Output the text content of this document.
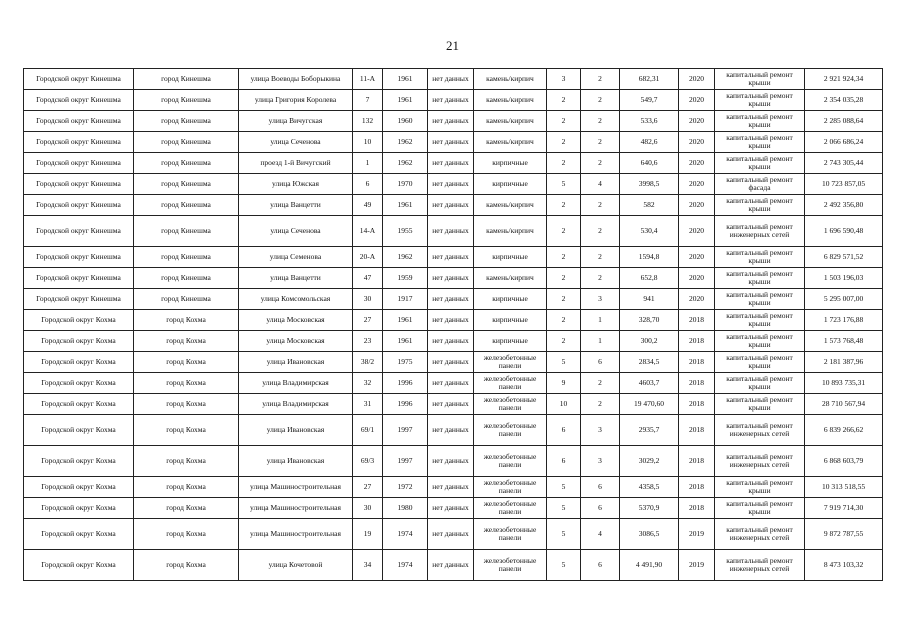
21
Городской округ Кинешма	город Кинешма	улица Воеводы Боборыкина	11-А	1961	нет данных	камень/кирпич	3	2	682,31	2020	капитальный ремонт крыши	2 921 924,34
Городской округ Кинешма	город Кинешма	улица Григория Королева	7	1961	нет данных	камень/кирпич	2	2	549,7	2020	капитальный ремонт крыши	2 354 035,28
Городской округ Кинешма	город Кинешма	улица Вичугская	132	1960	нет данных	камень/кирпич	2	2	533,6	2020	капитальный ремонт крыши	2 285 088,64
Городской округ Кинешма	город Кинешма	улица Сеченова	10	1962	нет данных	камень/кирпич	2	2	482,6	2020	капитальный ремонт крыши	2 066 686,24
Городской округ Кинешма	город Кинешма	проезд 1-й Вичугский	1	1962	нет данных	кирпичные	2	2	640,6	2020	капитальный ремонт крыши	2 743 305,44
Городской округ Кинешма	город Кинешма	улица Южская	6	1970	нет данных	кирпичные	5	4	3998,5	2020	капитальный ремонт фасада	10 723 857,05
Городской округ Кинешма	город Кинешма	улица Ванцетти	49	1961	нет данных	камень/кирпич	2	2	582	2020	капитальный ремонт крыши	2 492 356,80
Городской округ Кинешма	город Кинешма	улица Сеченова	14-А	1955	нет данных	камень/кирпич	2	2	530,4	2020	капитальный ремонт инженерных сетей	1 696 590,48
Городской округ Кинешма	город Кинешма	улица Семенова	20-А	1962	нет данных	кирпичные	2	2	1594,8	2020	капитальный ремонт крыши	6 829 571,52
Городской округ Кинешма	город Кинешма	улица Ванцетти	47	1959	нет данных	камень/кирпич	2	2	652,8	2020	капитальный ремонт крыши	1 503 196,03
Городской округ Кинешма	город Кинешма	улица Комсомольская	30	1917	нет данных	кирпичные	2	3	941	2020	капитальный ремонт крыши	5 295 007,00
Городской округ Кохма	город Кохма	улица Московская	27	1961	нет данных	кирпичные	2	1	328,70	2018	капитальный ремонт крыши	1 723 176,88
Городской округ Кохма	город Кохма	улица Московская	23	1961	нет данных	кирпичные	2	1	300,2	2018	капитальный ремонт крыши	1 573 768,48
Городской округ Кохма	город Кохма	улица Ивановская	38/2	1975	нет данных	железобетонные панели	5	6	2834,5	2018	капитальный ремонт крыши	2 181 387,96
Городской округ Кохма	город Кохма	улица Владимирская	32	1996	нет данных	железобетонные панели	9	2	4603,7	2018	капитальный ремонт крыши	10 893 735,31
Городской округ Кохма	город Кохма	улица Владимирская	31	1996	нет данных	железобетонные панели	10	2	19 470,60	2018	капитальный ремонт крыши	28 710 567,94
Городской округ Кохма	город Кохма	улица Ивановская	69/1	1997	нет данных	железобетонные панели	6	3	2935,7	2018	капитальный ремонт инженерных сетей	6 839 266,62
Городской округ Кохма	город Кохма	улица Ивановская	69/3	1997	нет данных	железобетонные панели	6	3	3029,2	2018	капитальный ремонт инженерных сетей	6 868 603,79
Городской округ Кохма	город Кохма	улица Машиностроительная	27	1972	нет данных	железобетонные панели	5	6	4358,5	2018	капитальный ремонт крыши	10 313 518,55
Городской округ Кохма	город Кохма	улица Машиностроительная	30	1980	нет данных	железобетонные панели	5	6	5370,9	2018	капитальный ремонт крыши	7 919 714,30
Городской округ Кохма	город Кохма	улица Машиностроительная	19	1974	нет данных	железобетонные панели	5	4	3086,5	2019	капитальный ремонт инженерных сетей	9 872 787,55
Городской округ Кохма	город Кохма	улица Кочетовой	34	1974	нет данных	железобетонные панели	5	6	4 491,90	2019	капитальный ремонт инженерных сетей	8 473 103,32
